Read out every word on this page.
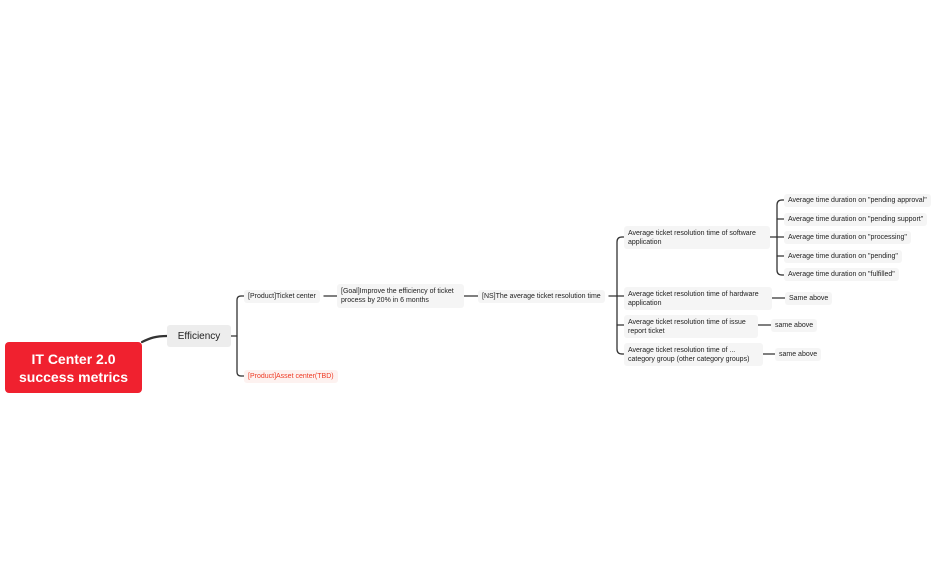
IT Center 2.0 success metrics
Efficiency
[Product]Ticket center
[Product]Asset center(TBD)
[Goal]Improve the efficiency of ticket process by 20% in 6 months
[NS]The average ticket resolution time
Average ticket resolution time of software application
Average ticket resolution time of hardware application
Average ticket resolution time of issue report ticket
Average ticket resolution time of ... category group (other category groups)
Average time duration on "pending approval"
Average time duration on "pending support"
Average time duration on "processing"
Average time duration on "pending"
Average time duration on "fulfilled"
Same above
same above
same above
